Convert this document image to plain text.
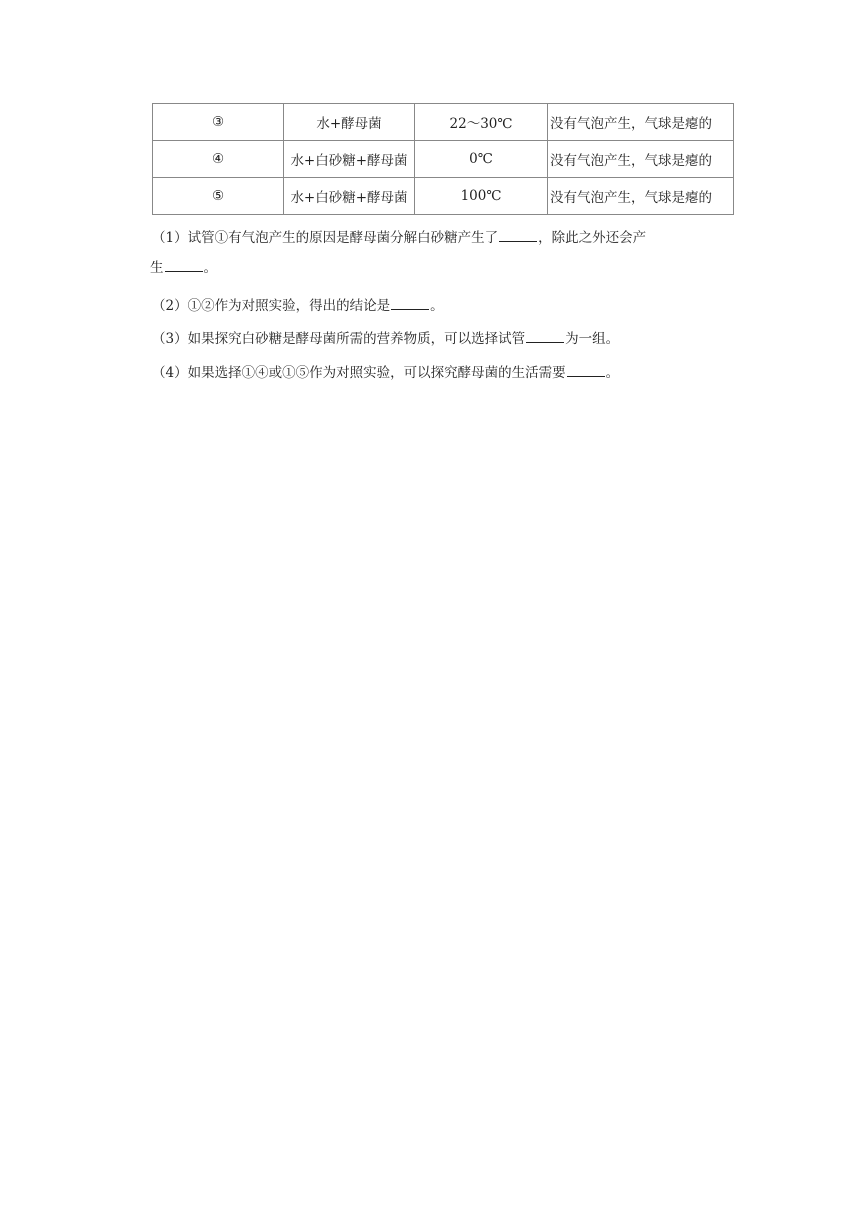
③	水+酵母菌	22～30℃	没有气泡产生，气球是瘪的
④	水+白砂糖+酵母菌	0℃	没有气泡产生，气球是瘪的
⑤	水+白砂糖+酵母菌	100℃	没有气泡产生，气球是瘪的
（1）试管①有气泡产生的原因是酵母菌分解白砂糖产生了	，除此之外还会产
生	。
（2）①②作为对照实验，得出的结论是	。
（3）如果探究白砂糖是酵母菌所需的营养物质，可以选择试管	为一组。
（4）如果选择①④或①⑤作为对照实验，可以探究酵母菌的生活需要	。
